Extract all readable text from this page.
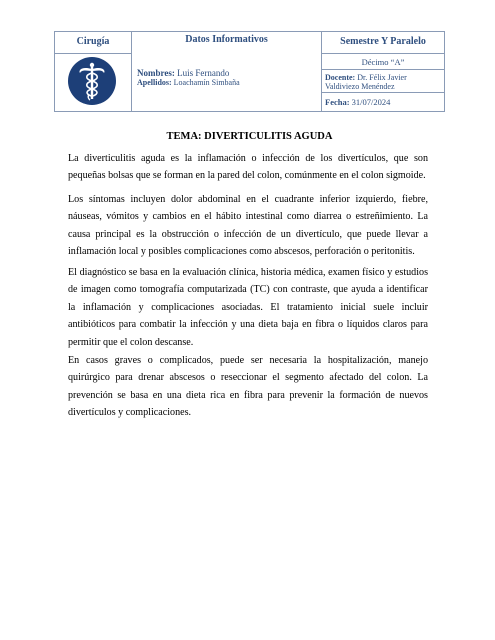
Cirugía	Datos Informativos	Semestre Y Paralelo
Nombres: Luis Fernando
Apellidos: Loachamín Simbaña
Décimo “A”
Docente: Dr. Félix Javier
Valdiviezo Menéndez
Fecha: 31/07/2024
TEMA: DIVERTICULITIS AGUDA
La diverticulitis aguda es la inflamación o infección de los divertículos, que son pequeñas bolsas que se forman en la pared del colon, comúnmente en el colon sigmoide.
Los síntomas incluyen dolor abdominal en el cuadrante inferior izquierdo, fiebre, náuseas, vómitos y cambios en el hábito intestinal como diarrea o estreñimiento. La causa principal es la obstrucción o infección de un divertículo, que puede llevar a inflamación local y posibles complicaciones como abscesos, perforación o peritonitis.
El diagnóstico se basa en la evaluación clínica, historia médica, examen físico y estudios de imagen como tomografía computarizada (TC) con contraste, que ayuda a identificar la inflamación y complicaciones asociadas. El tratamiento inicial suele incluir antibióticos para combatir la infección y una dieta baja en fibra o líquidos claros para permitir que el colon descanse.
En casos graves o complicados, puede ser necesaria la hospitalización, manejo quirúrgico para drenar abscesos o reseccionar el segmento afectado del colon. La prevención se basa en una dieta rica en fibra para prevenir la formación de nuevos divertículos y complicaciones.
